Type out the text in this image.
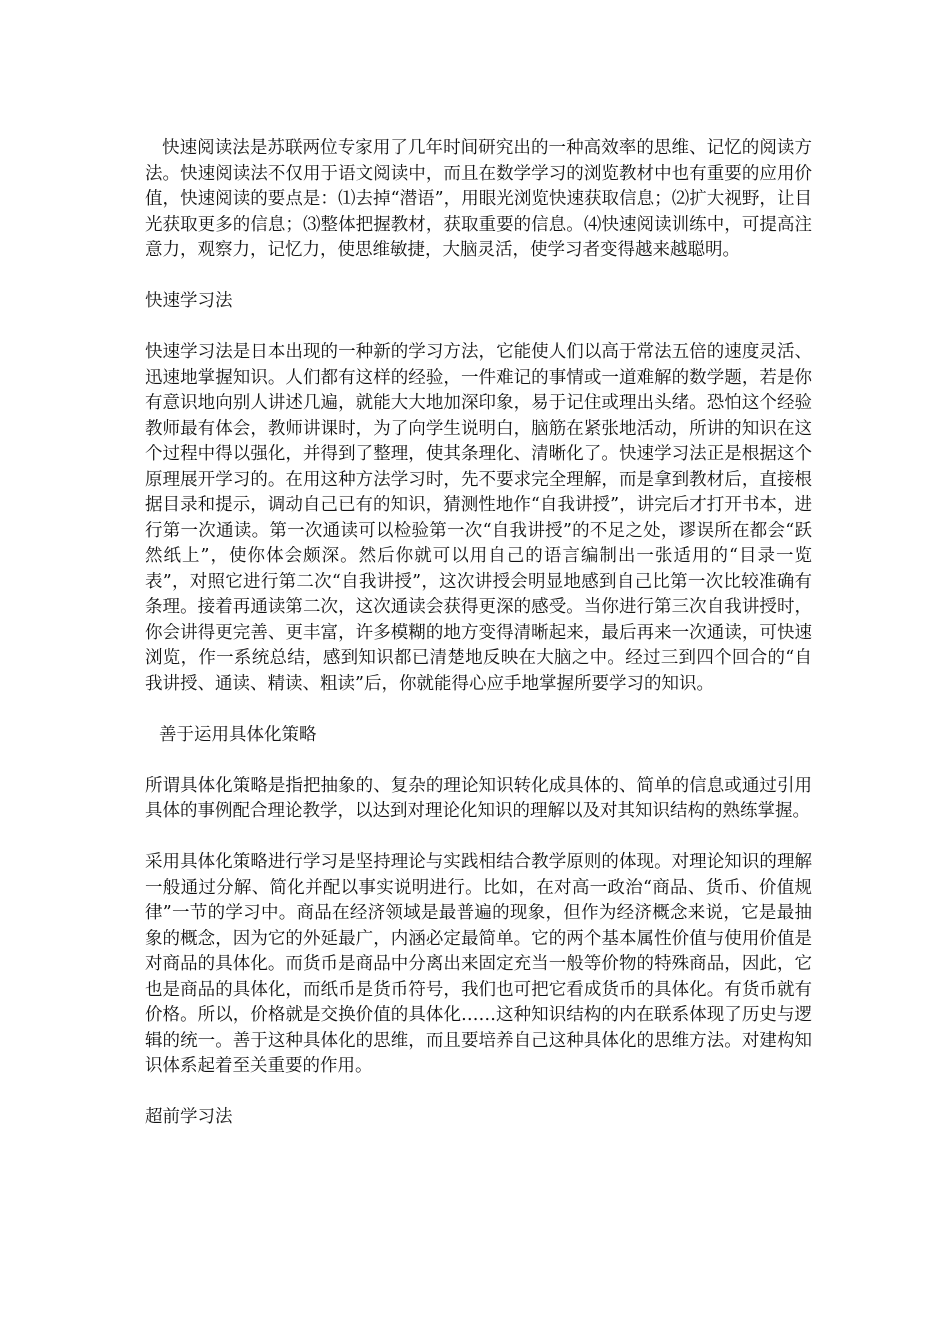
快速阅读法是苏联两位专家用了几年时间研究出的一种高效率的思维、记忆的阅读方法。快速阅读法不仅用于语文阅读中，而且在数学学习的浏览教材中也有重要的应用价值，快速阅读的要点是：⑴去掉“潜语”，用眼光浏览快速获取信息；⑵扩大视野，让目光获取更多的信息；⑶整体把握教材，获取重要的信息。⑷快速阅读训练中，可提高注意力，观察力，记忆力，使思维敏捷，大脑灵活，使学习者变得越来越聪明。

快速学习法

快速学习法是日本出现的一种新的学习方法，它能使人们以高于常法五倍的速度灵活、迅速地掌握知识。人们都有这样的经验，一件难记的事情或一道难解的数学题，若是你有意识地向别人讲述几遍，就能大大地加深印象，易于记住或理出头绪。恐怕这个经验教师最有体会，教师讲课时，为了向学生说明白，脑筋在紧张地活动，所讲的知识在这个过程中得以强化，并得到了整理，使其条理化、清晰化了。快速学习法正是根据这个原理展开学习的。在用这种方法学习时，先不要求完全理解，而是拿到教材后，直接根据目录和提示，调动自己已有的知识，猜测性地作“自我讲授”，讲完后才打开书本，进行第一次通读。第一次通读可以检验第一次“自我讲授”的不足之处，谬误所在都会“跃然纸上”，使你体会颇深。然后你就可以用自己的语言编制出一张适用的“目录一览表”，对照它进行第二次“自我讲授”，这次讲授会明显地感到自己比第一次比较准确有条理。接着再通读第二次，这次通读会获得更深的感受。当你进行第三次自我讲授时，你会讲得更完善、更丰富，许多模糊的地方变得清晰起来，最后再来一次通读，可快速浏览，作一系统总结，感到知识都已清楚地反映在大脑之中。经过三到四个回合的“自我讲授、通读、精读、粗读”后，你就能得心应手地掌握所要学习的知识。

善于运用具体化策略

所谓具体化策略是指把抽象的、复杂的理论知识转化成具体的、简单的信息或通过引用具体的事例配合理论教学，以达到对理论化知识的理解以及对其知识结构的熟练掌握。

采用具体化策略进行学习是坚持理论与实践相结合教学原则的体现。对理论知识的理解一般通过分解、简化并配以事实说明进行。比如，在对高一政治“商品、货币、价值规律”一节的学习中。商品在经济领域是最普遍的现象，但作为经济概念来说，它是最抽象的概念，因为它的外延最广，内涵必定最简单。它的两个基本属性价值与使用价值是对商品的具体化。而货币是商品中分离出来固定充当一般等价物的特殊商品，因此，它也是商品的具体化，而纸币是货币符号，我们也可把它看成货币的具体化。有货币就有价格。所以，价格就是交换价值的具体化……这种知识结构的内在联系体现了历史与逻辑的统一。善于这种具体化的思维，而且要培养自己这种具体化的思维方法。对建构知识体系起着至关重要的作用。

超前学习法
